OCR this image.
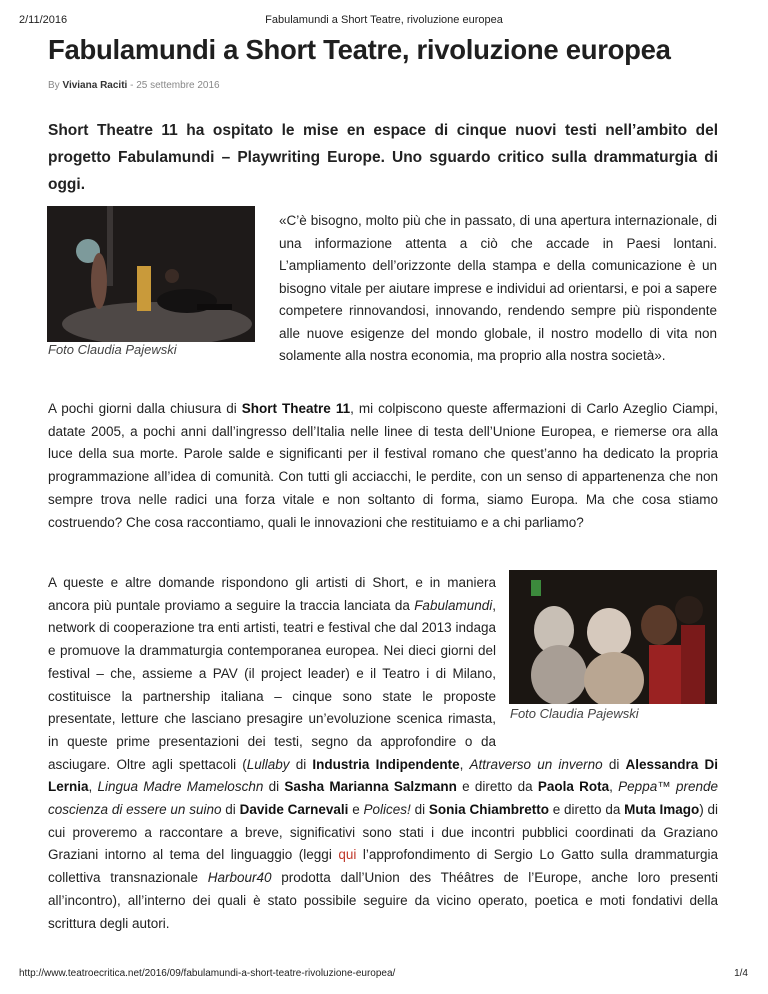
2/11/2016	Fabulamundi a Short Teatre, rivoluzione europea
Fabulamundi a Short Teatre, rivoluzione europea
By Viviana Raciti - 25 settembre 2016

Short Theatre 11 ha ospitato le mise en espace di cinque nuovi testi nell’ambito del progetto Fabulamundi – Playwriting Europe. Uno sguardo critico sulla drammaturgia di oggi.

Foto Claudia Pajewski
«C’è bisogno, molto più che in passato, di una apertura internazionale, di una informazione attenta a ciò che accade in Paesi lontani. L’ampliamento dell’orizzonte della stampa e della comunicazione è un bisogno vitale per aiutare imprese e individui ad orientarsi, e poi a sapere competere rinnovandosi, innovando, rendendo sempre più rispondente alle nuove esigenze del mondo globale, il nostro modello di vita non solamente alla nostra economia, ma proprio alla nostra società».
A pochi giorni dalla chiusura di Short Theatre 11, mi colpiscono queste affermazioni di Carlo Azeglio Ciampi, datate 2005, a pochi anni dall’ingresso dell’Italia nelle linee di testa dell’Unione Europea, e riemerse ora alla luce della sua morte. Parole salde e significanti per il festival romano che quest’anno ha dedicato la propria programmazione all’idea di comunità. Con tutti gli acciacchi, le perdite, con un senso di appartenenza che non sempre trova nelle radici una forza vitale e non soltanto di forma, siamo Europa. Ma che cosa stiamo costruendo? Che cosa raccontiamo, quali le innovazioni che restituiamo e a chi parliamo?
Foto Claudia Pajewski
A queste e altre domande rispondono gli artisti di Short, e in maniera ancora più puntale proviamo a seguire la traccia lanciata da Fabulamundi, network di cooperazione tra enti artisti, teatri e festival che dal 2013 indaga e promuove la drammaturgia contemporanea europea. Nei dieci giorni del festival – che, assieme a PAV (il project leader) e il Teatro i di Milano, costituisce la partnership italiana – cinque sono state le proposte presentate, letture che lasciano presagire un’evoluzione scenica rimasta, in queste prime presentazioni dei testi, segno da approfondire o da asciugare. Oltre agli spettacoli (Lullaby di Industria Indipendente, Attraverso un inverno di Alessandra Di Lernia, Lingua Madre Mameloschn di Sasha Marianna Salzmann e diretto da Paola Rota, Peppa™ prende coscienza di essere un suino di Davide Carnevali e Polices! di Sonia Chiambretto e diretto da Muta Imago) di cui proveremo a raccontare a breve, significativi sono stati i due incontri pubblici coordinati da Graziano Graziani intorno al tema del linguaggio (leggi qui l’approfondimento di Sergio Lo Gatto sulla drammaturgia collettiva transnazionale Harbour40 prodotta dall’Union des Théâtres de l’Europe, anche loro presenti all’incontro), all’interno dei quali è stato possibile seguire da vicino operato, poetica e moti fondativi della scrittura degli autori.
http://www.teatroecritica.net/2016/09/fabulamundi-a-short-teatre-rivoluzione-europea/	1/4
